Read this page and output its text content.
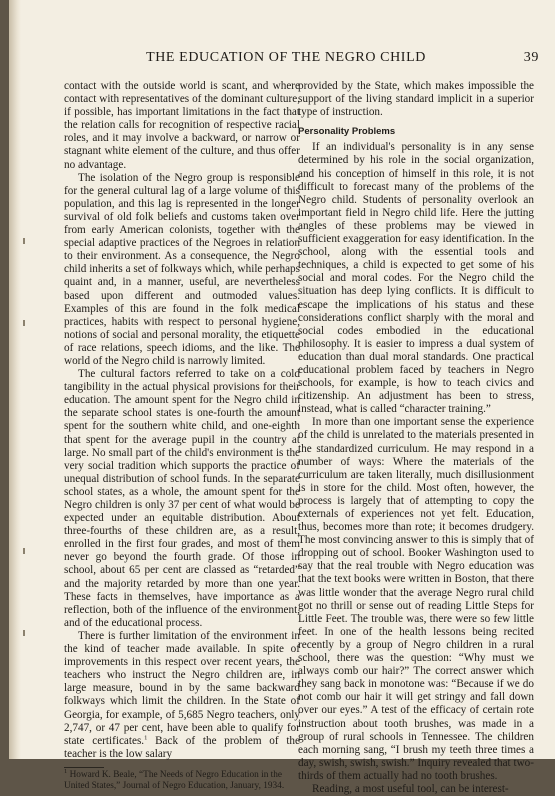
THE EDUCATION OF THE NEGRO CHILD	39

contact with the outside world is scant, and where contact with representatives of the dominant culture, if possible, has important limitations in the fact that the relation calls for recognition of respective racial roles, and it may involve a backward, or narrow or stagnant white element of the culture, and thus offer no advantage.

The isolation of the Negro group is responsible for the general cultural lag of a large volume of this population, and this lag is represented in the longer survival of old folk beliefs and customs taken over from early American colonists, together with the special adaptive practices of the Negroes in relation to their environment. As a consequence, the Negro child inherits a set of folkways which, while perhaps quaint and, in a manner, useful, are nevertheless based upon different and outmoded values. Examples of this are found in the folk medical practices, habits with respect to personal hygiene, notions of social and personal morality, the etiquette of race relations, speech idioms, and the like. The world of the Negro child is narrowly limited.

The cultural factors referred to take on a cold tangibility in the actual physical provisions for their education. The amount spent for the Negro child in the separate school states is one-fourth the amount spent for the southern white child, and one-eighth that spent for the average pupil in the country at large. No small part of the child's environment is the very social tradition which supports the practice of unequal distribution of school funds. In the separate school states, as a whole, the amount spent for the Negro children is only 37 per cent of what would be expected under an equitable distribution. About three-fourths of these children are, as a result, enrolled in the first four grades, and most of them never go beyond the fourth grade. Of those in school, about 65 per cent are classed as “retarded” and the majority retarded by more than one year. These facts in themselves, have importance as a reflection, both of the influence of the environment, and of the educational process.

There is further limitation of the environment in the kind of teacher made available. In spite of improvements in this respect over recent years, the teachers who instruct the Negro children are, in large measure, bound in by the same backward folkways which limit the children. In the State of Georgia, for example, of 5,685 Negro teachers, only 2,747, or 47 per cent, have been able to qualify for state certificates.$^1$ Back of the problem of the teacher is the low salary

$^1$ Howard K. Beale, “The Needs of Negro Education in the United States,” Journal of Negro Education, January, 1934.

provided by the State, which makes impossible the support of the living standard implicit in a superior type of instruction.

Personality Problems

If an individual's personality is in any sense determined by his role in the social organization, and his conception of himself in this role, it is not difficult to forecast many of the problems of the Negro child. Students of personality overlook an important field in Negro child life. Here the jutting angles of these problems may be viewed in sufficient exaggeration for easy identification. In the school, along with the essential tools and techniques, a child is expected to get some of his social and moral codes. For the Negro child the situation has deep lying conflicts. It is difficult to escape the implications of his status and these considerations conflict sharply with the moral and social codes embodied in the educational philosophy. It is easier to impress a dual system of education than dual moral standards. One practical educational problem faced by teachers in Negro schools, for example, is how to teach civics and citizenship. An adjustment has been to stress, instead, what is called “character training.”

In more than one important sense the experience of the child is unrelated to the materials presented in the standardized curriculum. He may respond in a number of ways: Where the materials of the curriculum are taken literally, much disillusionment is in store for the child. Most often, however, the process is largely that of attempting to copy the externals of experiences not yet felt. Education, thus, becomes more than rote; it becomes drudgery. The most convincing answer to this is simply that of dropping out of school. Booker Washington used to say that the real trouble with Negro education was that the text books were written in Boston, that there was little wonder that the average Negro rural child got no thrill or sense out of reading Little Steps for Little Feet. The trouble was, there were so few little feet. In one of the health lessons being recited recently by a group of Negro children in a rural school, there was the question: “Why must we always comb our hair?” The correct answer which they sang back in monotone was: “Because if we do not comb our hair it will get stringy and fall down over our eyes.” A test of the efficacy of certain rote instruction about tooth brushes, was made in a group of rural schools in Tennessee. The children each morning sang, “I brush my teeth three times a day, swish, swish, swish.” Inquiry revealed that two-thirds of them actually had no tooth brushes.

Reading, a most useful tool, can be interest-
